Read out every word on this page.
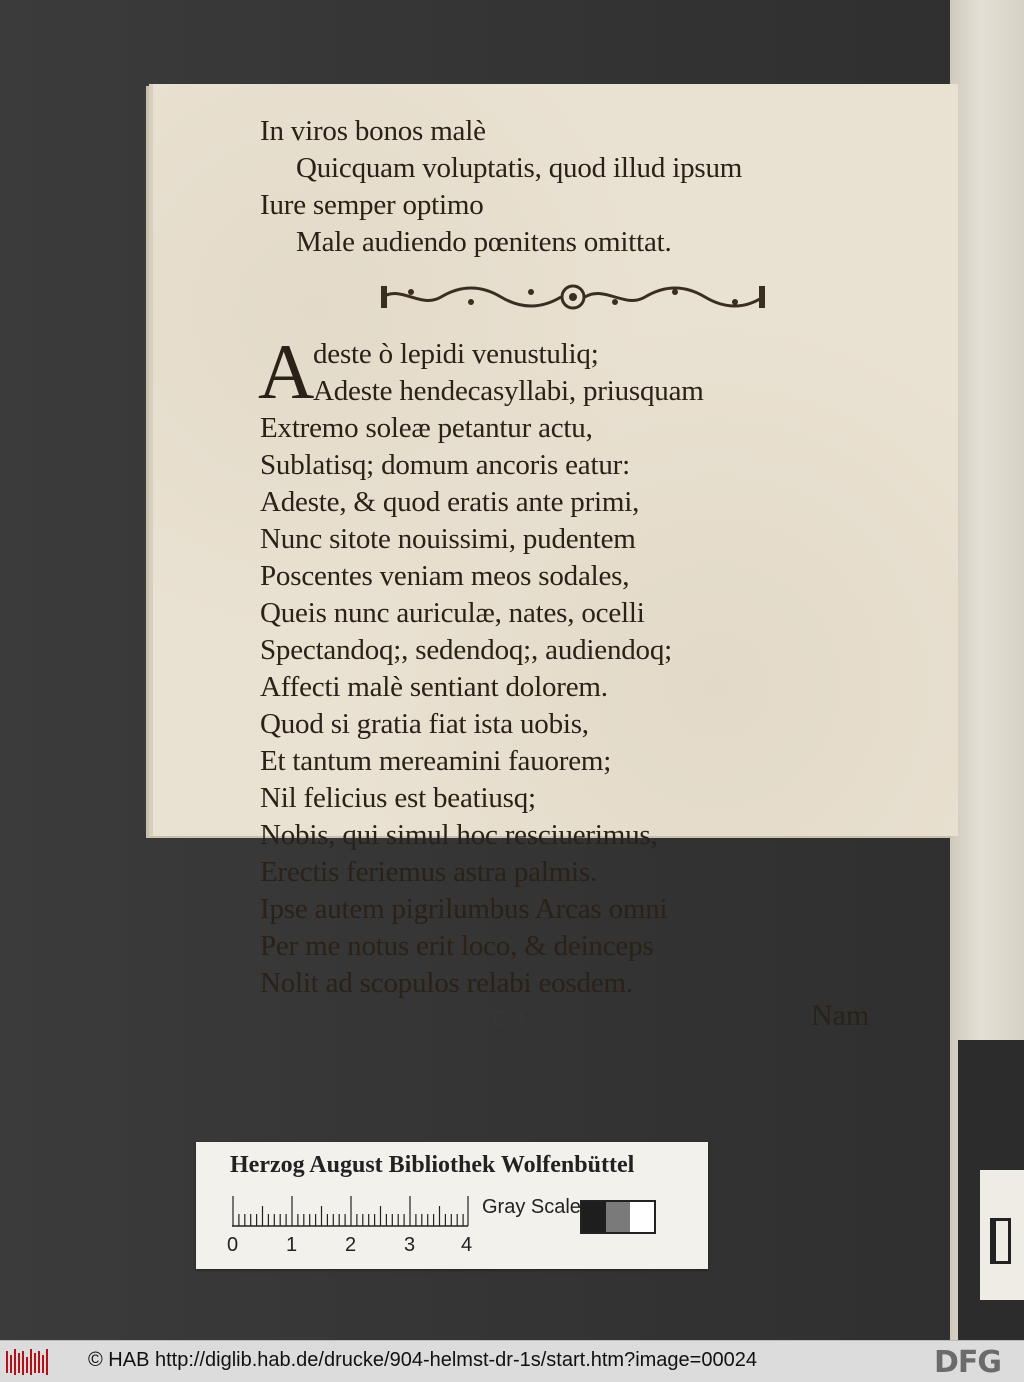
In viros bonos malè
Quicquam voluptatis, quod illud ipsum
Iure semper optimo
Male audiendo pœnitens omittat.
A
deste ò lepidi venustuliq;
Adeste hendecasyllabi, priusquam
Extremo soleæ petantur actu,
Sublatisq; domum ancoris eatur:
Adeste, & quod eratis ante primi,
Nunc sitote nouissimi, pudentem
Poscentes veniam meos sodales,
Queis nunc auriculæ, nates, ocelli
Spectandoq;, sedendoq;, audiendoq;
Affecti malè sentiant dolorem.
Quod si gratia fiat ista uobis,
Et tantum mereamini fauorem;
Nil felicius est beatiusq;
Nobis, qui simul hoc resciuerimus,
Erectis feriemus astra palmis.
Ipse autem pigrilumbus Arcas omni
Per me notus erit loco, & deinceps
Nolit ad scopulos relabi eosdem.
C 3	Nam
Herzog August Bibliothek Wolfenbüttel
0 1 2 3 4
Gray Scale
© HAB http://diglib.hab.de/drucke/904-helmst-dr-1s/start.htm?image=00024	DFG
